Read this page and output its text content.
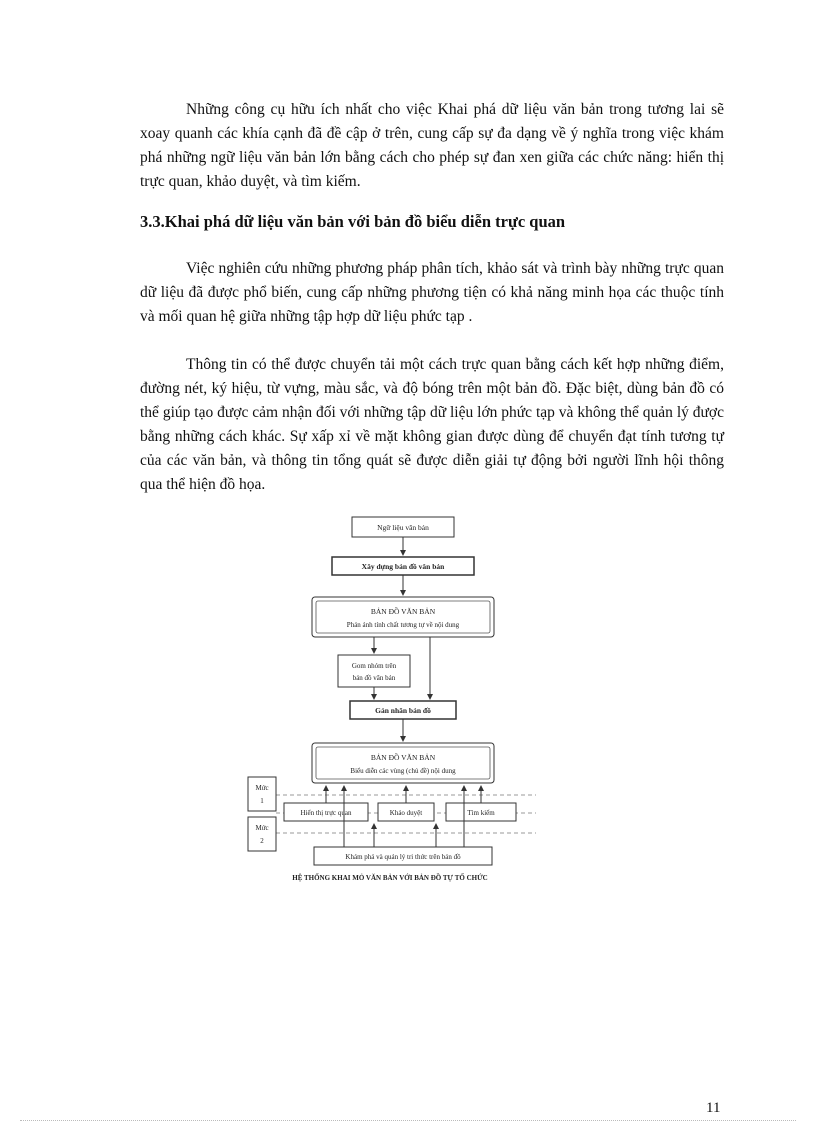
Những công cụ hữu ích nhất cho việc Khai phá dữ liệu văn bản trong tương lai sẽ xoay quanh các khía cạnh đã đề cập ở trên, cung cấp sự đa dạng về ý nghĩa trong việc khám phá những ngữ liệu văn bản lớn bằng cách cho phép sự đan xen giữa các chức năng: hiển thị trực quan, khảo duyệt, và tìm kiếm.

3.3.Khai phá dữ liệu văn bản với bản đồ biểu diễn trực quan

Việc nghiên cứu những phương pháp phân tích, khảo sát và trình bày những trực quan dữ liệu đã được phổ biến, cung cấp những phương tiện có khả năng minh họa các thuộc tính và mối quan hệ giữa những tập hợp dữ liệu phức tạp .

Thông tin có thể được chuyển tải một cách trực quan bằng cách kết hợp những điểm, đường nét, ký hiệu, từ vựng, màu sắc, và độ bóng trên một bản đồ. Đặc biệt, dùng bản đồ có thể giúp tạo được cảm nhận đối với những tập dữ liệu lớn phức tạp và không thể quản lý được bằng những cách khác. Sự xấp xỉ về mặt không gian được dùng để chuyển đạt tính tương tự của các văn bản, và thông tin tổng quát sẽ được diễn giải tự động bởi người lĩnh hội thông qua thể hiện đồ họa.

Ngữ liệu văn bản
Xây dựng bản đồ văn bản
BẢN ĐỒ VĂN BẢN
Phản ánh tính chất tương tự về nội dung
Gom nhóm trên
bản đồ văn bản
Gán nhãn bản đồ
BẢN ĐỒ VĂN BẢN
Biểu diễn các vùng (chủ đề) nội dung
Mức
1
Mức
2
Hiển thị trực quan	Khảo duyệt	Tìm kiếm
Khám phá và quản lý tri thức trên bản đồ
HỆ THỐNG KHAI MỎ VĂN BẢN VỚI BẢN ĐỒ TỰ TỔ CHỨC
11
